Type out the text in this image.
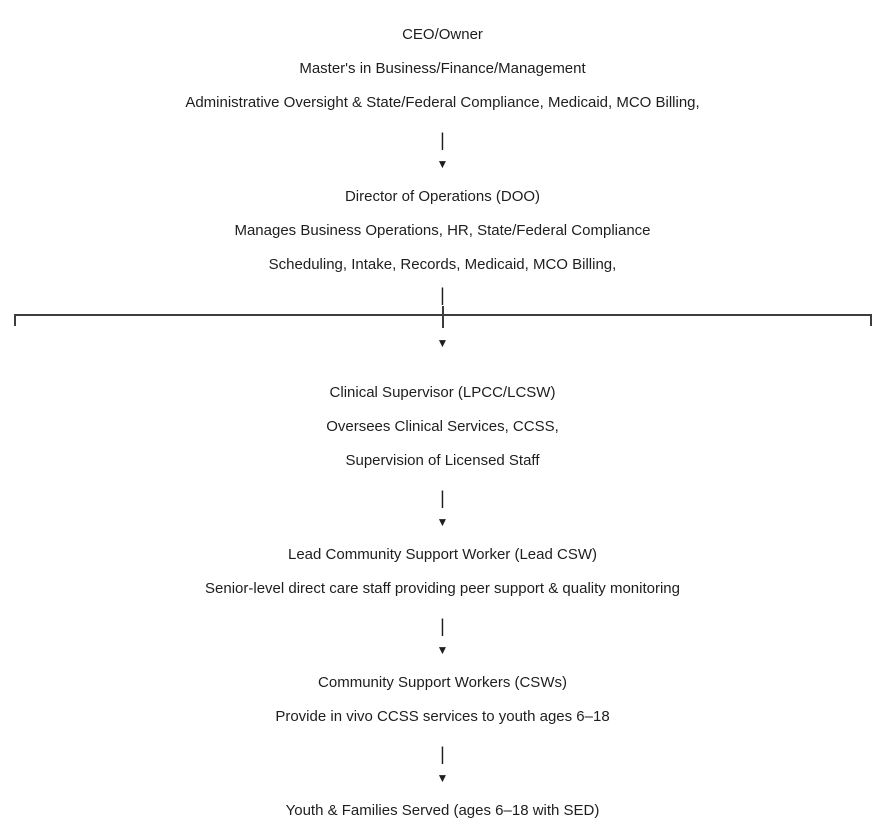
CEO/Owner
Master's in Business/Finance/Management
Administrative Oversight & State/Federal Compliance, Medicaid, MCO Billing,
|
▼
Director of Operations (DOO)
Manages Business Operations, HR, State/Federal Compliance
Scheduling, Intake, Records, Medicaid, MCO Billing,
|
▼
Clinical Supervisor (LPCC/LCSW)
Oversees Clinical Services, CCSS,
Supervision of Licensed Staff
|
▼
Lead Community Support Worker (Lead CSW)
Senior-level direct care staff providing peer support & quality monitoring
|
▼
Community Support Workers (CSWs)
Provide in vivo CCSS services to youth ages 6–18
|
▼
Youth & Families Served (ages 6–18 with SED)
